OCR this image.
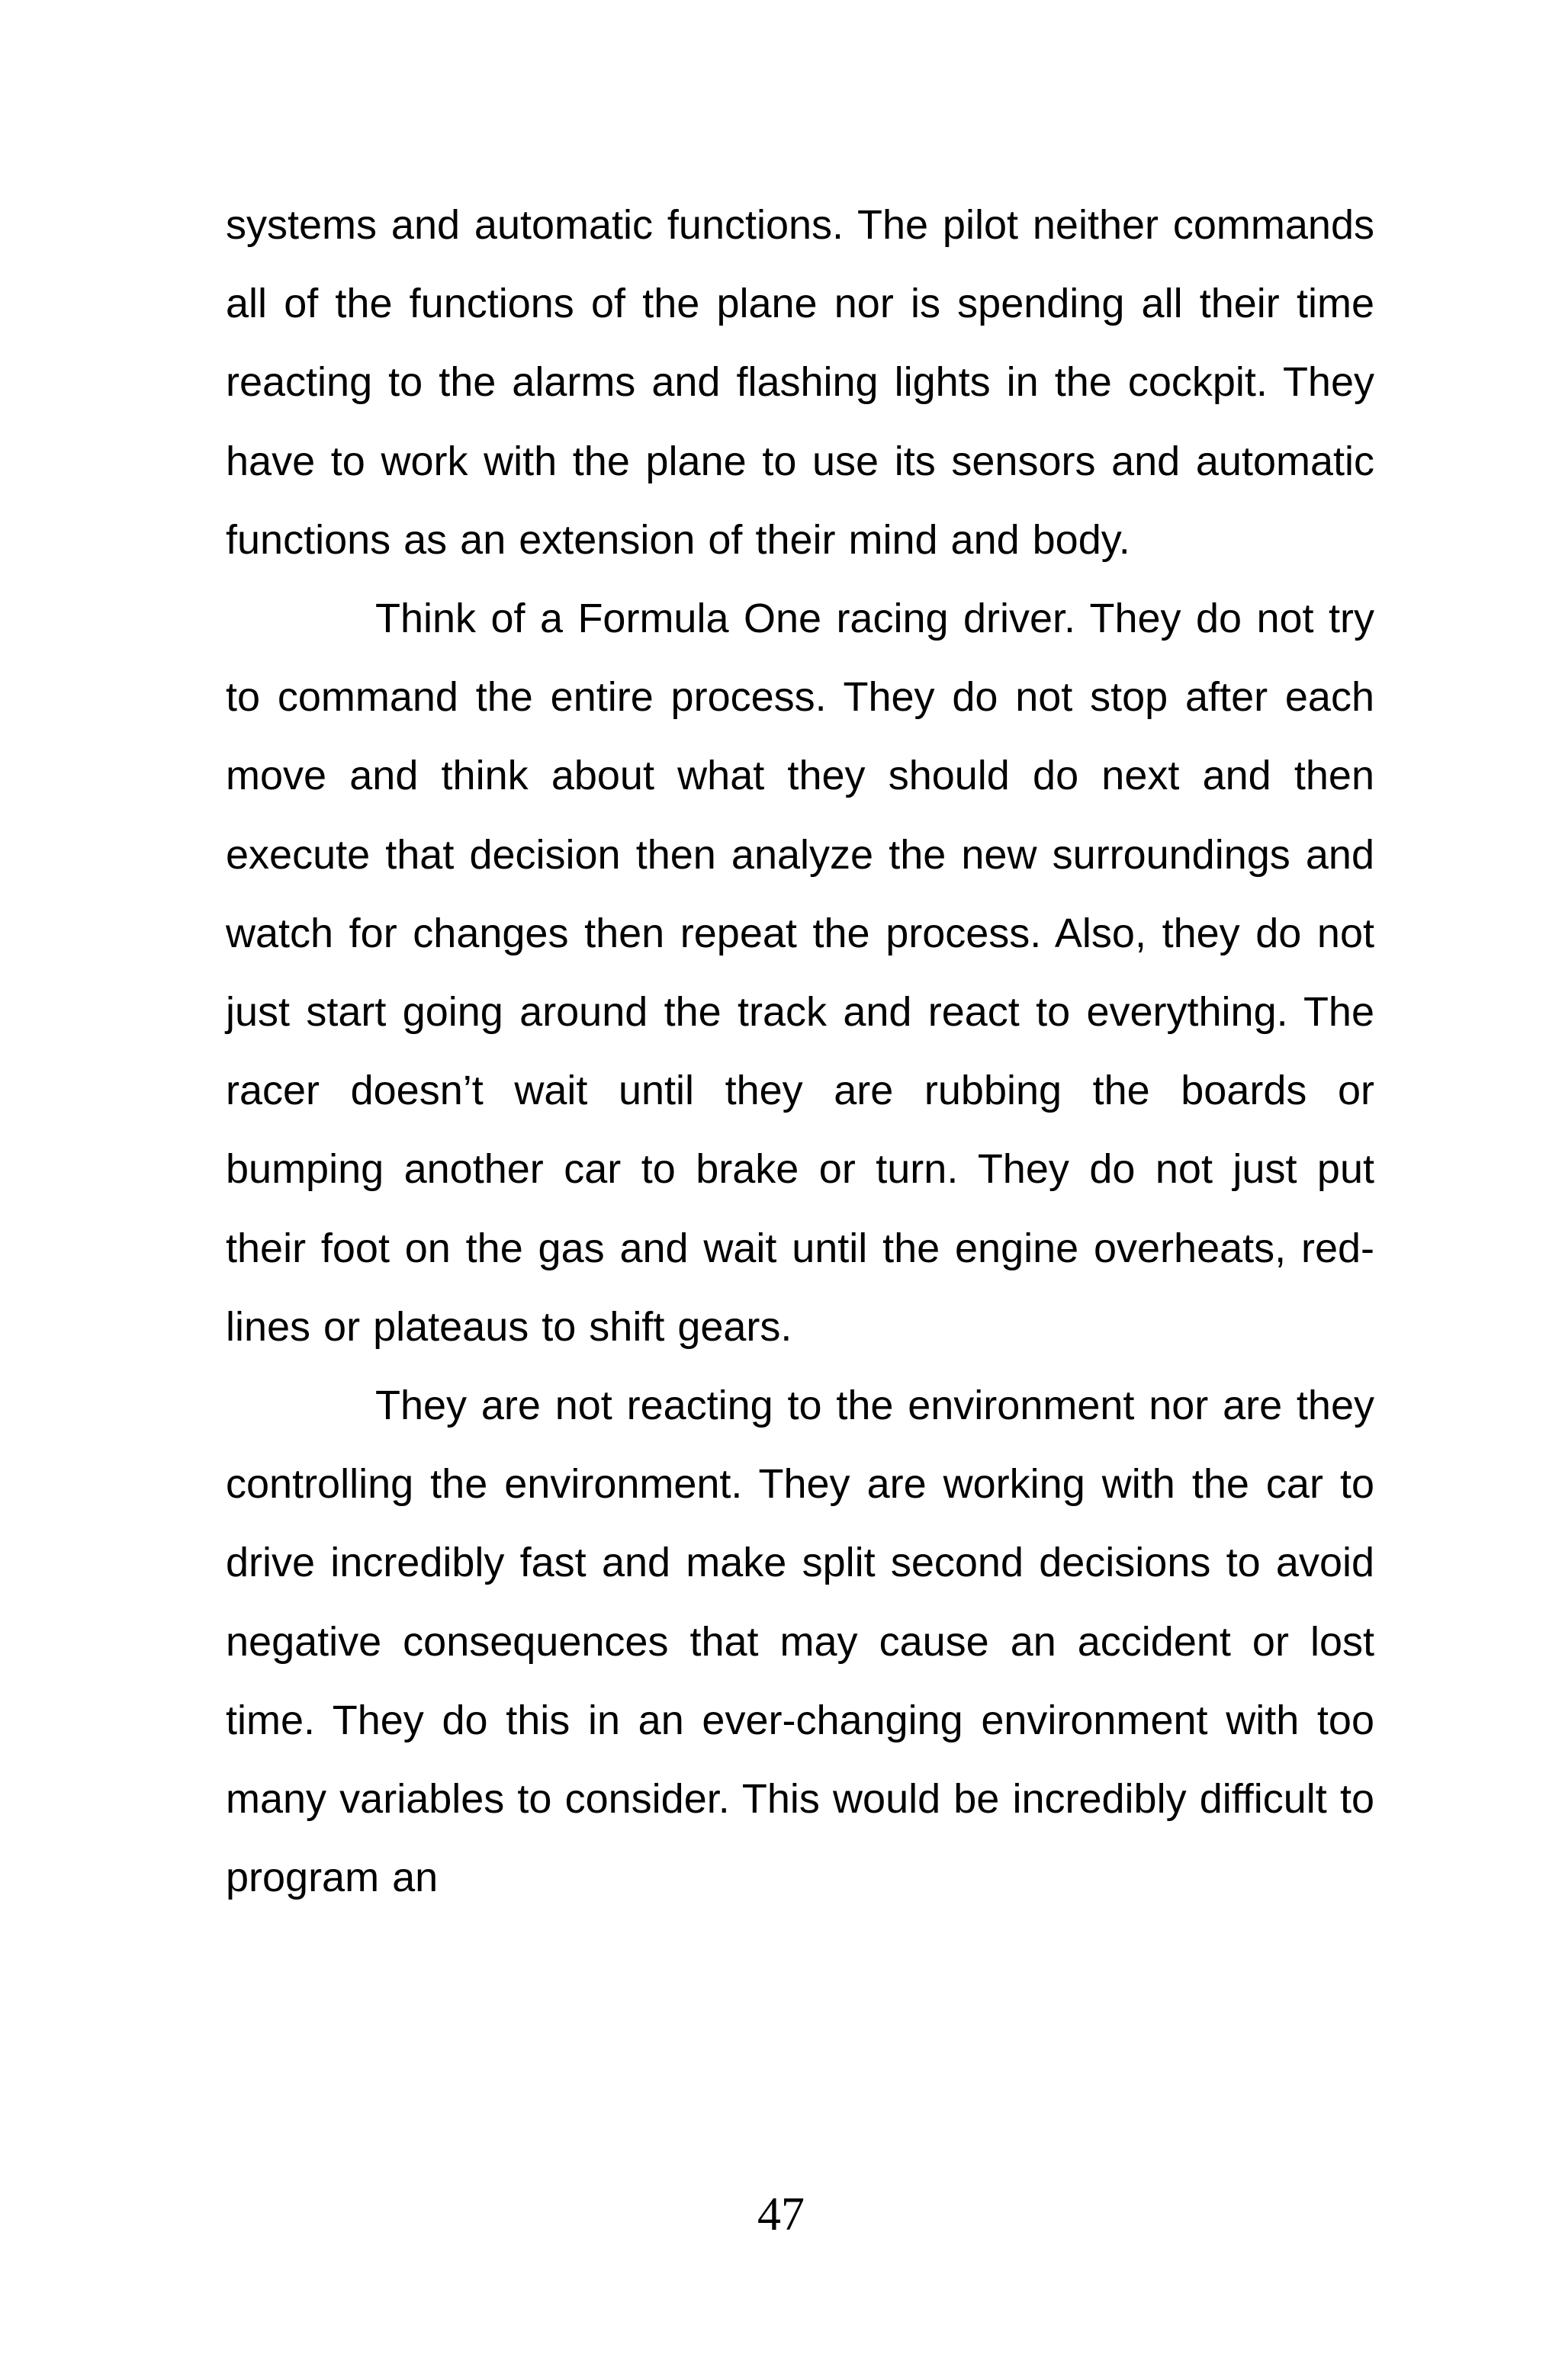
systems and automatic functions. The pilot neither commands all of the functions of the plane nor is spending all their time reacting to the alarms and flashing lights in the cockpit. They have to work with the plane to use its sensors and automatic functions as an extension of their mind and body.

Think of a Formula One racing driver. They do not try to command the entire process. They do not stop after each move and think about what they should do next and then execute that decision then analyze the new surroundings and watch for changes then repeat the process. Also, they do not just start going around the track and react to everything. The racer doesn’t wait until they are rubbing the boards or bumping another car to brake or turn. They do not just put their foot on the gas and wait until the engine overheats, red-lines or plateaus to shift gears.

They are not reacting to the environment nor are they controlling the environment. They are working with the car to drive incredibly fast and make split second decisions to avoid negative consequences that may cause an accident or lost time. They do this in an ever-changing environment with too many variables to consider. This would be incredibly difficult to program an

47
